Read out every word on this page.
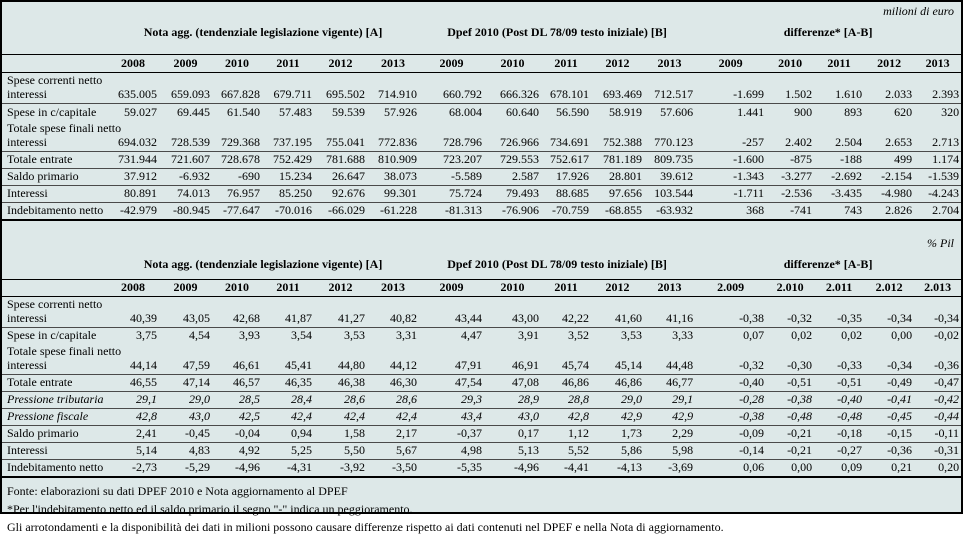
milioni di euro
	Nota agg. (tendenziale legislazione vigente) [A]						Dpef 2010 (Post DL 78/09 testo iniziale) [B]					differenze* [A-B]				
	2008	2009	2010	2011	2012	2013	2009	2010	2011	2012	2013	2009	2010	2011	2012	2013

Spese correnti netto
interessi	635.005	659.093	667.828	679.711	695.502	714.910	660.792	666.326	678.101	693.469	712.517	-1.699	1.502	1.610	2.033	2.393

Spese in c/capitale	59.027	69.445	61.540	57.483	59.539	57.926	68.004	60.640	56.590	58.919	57.606	1.441	900	893	620	320

Totale spese finali netto
interessi	694.032	728.539	729.368	737.195	755.041	772.836	728.796	726.966	734.691	752.388	770.123	-257	2.402	2.504	2.653	2.713

Totale entrate	731.944	721.607	728.678	752.429	781.688	810.909	723.207	729.553	752.617	781.189	809.735	-1.600	-875	-188	499	1.174

Saldo primario	37.912	-6.932	-690	15.234	26.647	38.073	-5.589	2.587	17.926	28.801	39.612	-1.343	-3.277	-2.692	-2.154	-1.539

Interessi	80.891	74.013	76.957	85.250	92.676	99.301	75.724	79.493	88.685	97.656	103.544	-1.711	-2.536	-3.435	-4.980	-4.243

Indebitamento netto	-42.979	-80.945	-77.647	-70.016	-66.029	-61.228	-81.313	-76.906	-70.759	-68.855	-63.932	368	-741	743	2.826	2.704
% Pil
	Nota agg. (tendenziale legislazione vigente) [A]						Dpef 2010 (Post DL 78/09 testo iniziale) [B]					differenze* [A-B]				
	2008	2009	2010	2011	2012	2013	2009	2010	2011	2012	2013	2.009	2.010	2.011	2.012	2.013

Spese correnti netto
interessi	40,39	43,05	42,68	41,87	41,27	40,82	43,44	43,00	42,22	41,60	41,16	-0,38	-0,32	-0,35	-0,34	-0,34

Spese in c/capitale	3,75	4,54	3,93	3,54	3,53	3,31	4,47	3,91	3,52	3,53	3,33	0,07	0,02	0,02	0,00	-0,02

Totale spese finali netto
interessi	44,14	47,59	46,61	45,41	44,80	44,12	47,91	46,91	45,74	45,14	44,48	-0,32	-0,30	-0,33	-0,34	-0,36

Totale entrate	46,55	47,14	46,57	46,35	46,38	46,30	47,54	47,08	46,86	46,86	46,77	-0,40	-0,51	-0,51	-0,49	-0,47

Pressione tributaria	29,1	29,0	28,5	28,4	28,6	28,6	29,3	28,9	28,8	29,0	29,1	-0,28	-0,38	-0,40	-0,41	-0,42

Pressione fiscale	42,8	43,0	42,5	42,4	42,4	42,4	43,4	43,0	42,8	42,9	42,9	-0,38	-0,48	-0,48	-0,45	-0,44

Saldo primario	2,41	-0,45	-0,04	0,94	1,58	2,17	-0,37	0,17	1,12	1,73	2,29	-0,09	-0,21	-0,18	-0,15	-0,11

Interessi	5,14	4,83	4,92	5,25	5,50	5,67	4,98	5,13	5,52	5,86	5,98	-0,14	-0,21	-0,27	-0,36	-0,31

Indebitamento netto	-2,73	-5,29	-4,96	-4,31	-3,92	-3,50	-5,35	-4,96	-4,41	-4,13	-3,69	0,06	0,00	0,09	0,21	0,20
Fonte: elaborazioni su dati DPEF 2010 e Nota aggiornamento al DPEF
*Per l'indebitamento netto ed il saldo primario il segno "-" indica un peggioramento.
Gli arrotondamenti e la disponibilità dei dati in milioni possono causare differenze rispetto ai dati contenuti nel DPEF e nella Nota di aggiornamento.
